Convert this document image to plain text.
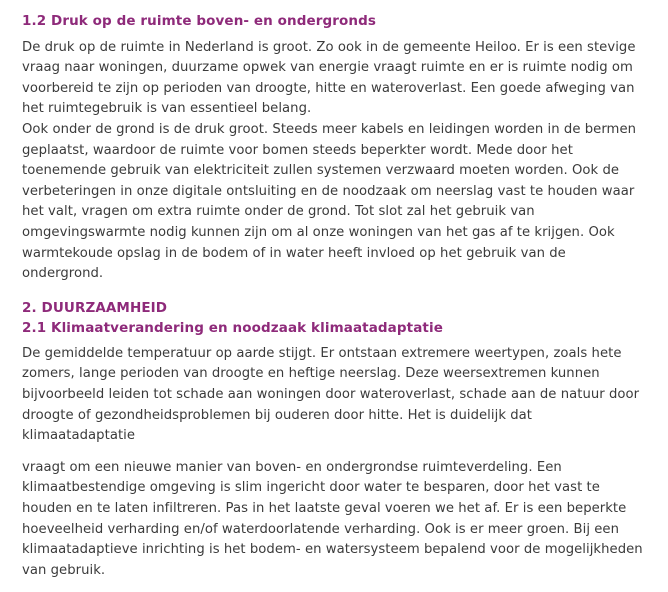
1.2 Druk op de ruimte boven- en ondergronds

De druk op de ruimte in Nederland is groot. Zo ook in de gemeente Heiloo. Er is een stevige vraag naar woningen, duurzame opwek van energie vraagt ruimte en er is ruimte nodig om voorbereid te zijn op perioden van droogte, hitte en wateroverlast. Een goede afweging van het ruimtegebruik is van essentieel belang.

Ook onder de grond is de druk groot. Steeds meer kabels en leidingen worden in de bermen geplaatst, waardoor de ruimte voor bomen steeds beperkter wordt. Mede door het toenemende gebruik van elektriciteit zullen systemen verzwaard moeten worden. Ook de verbeteringen in onze digitale ontsluiting en de noodzaak om neerslag vast te houden waar het valt, vragen om extra ruimte onder de grond. Tot slot zal het gebruik van omgevingswarmte nodig kunnen zijn om al onze woningen van het gas af te krijgen. Ook warmtekoude opslag in de bodem of in water heeft invloed op het gebruik van de ondergrond.

2. DUURZAAMHEID
2.1 Klimaatverandering en noodzaak klimaatadaptatie

De gemiddelde temperatuur op aarde stijgt. Er ontstaan extremere weertypen, zoals hete zomers, lange perioden van droogte en heftige neerslag. Deze weersextremen kunnen bijvoorbeeld leiden tot schade aan woningen door wateroverlast, schade aan de natuur door droogte of gezondheidsproblemen bij ouderen door hitte. Het is duidelijk dat klimaatadaptatie

vraagt om een nieuwe manier van boven- en ondergrondse ruimteverdeling. Een klimaatbestendige omgeving is slim ingericht door water te besparen, door het vast te houden en te laten infiltreren. Pas in het laatste geval voeren we het af. Er is een beperkte hoeveelheid verharding en/of waterdoorlatende verharding. Ook is er meer groen. Bij een klimaatadaptieve inrichting is het bodem- en watersysteem bepalend voor de mogelijkheden van gebruik.
